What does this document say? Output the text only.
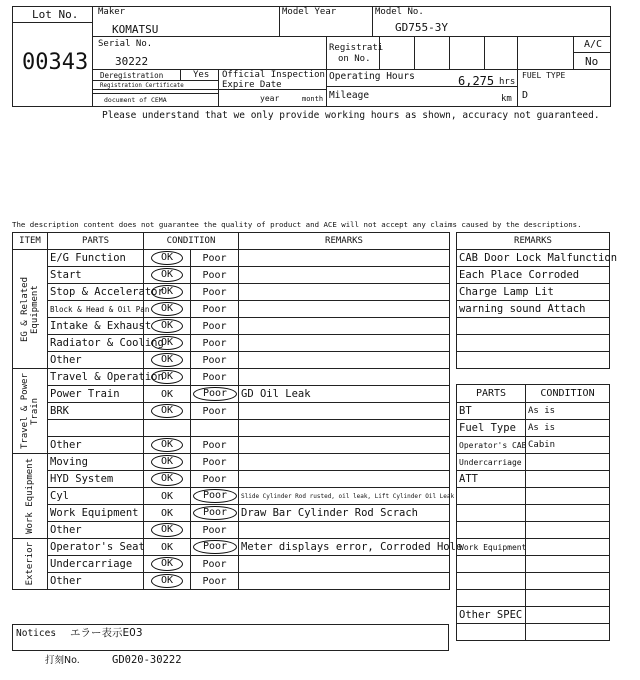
Lot No.
00343
Maker
KOMATSU
Model Year	Model No.
GD755-3Y
Serial No.
30222
Registrati
on No.
A/C
No
Deregistration	Yes
Registration Certificate
document of CEMA
Official Inspection
Expire Date
year	month
Operating Hours	6,275 hrs
Mileage	km
FUEL TYPE
D
Please understand that we only provide working hours as shown, accuracy not guaranteed.
The description content does not guarantee the quality of product and ACE will not accept any claims caused by the descriptions.
ITEM	PARTS	CONDITION		REMARKS

EG & Related Equipment	E/G Function	OK	Poor	
	Start	OK	Poor	
	Stop & Accelerator	OK	Poor	
	Block & Head & Oil Pan	OK	Poor	
	Intake & Exhaust	OK	Poor	
	Radiator & Cooling	OK	Poor	
	Other	OK	Poor	

Travel & Power Train	Travel & Operation	OK	Poor	
	Power Train	OK	Poor	GD Oil Leak
	BRK	OK	Poor	

	Other	OK	Poor	

Work Equipment	Moving	OK	Poor	
	HYD System	OK	Poor	
	Cyl	OK	Poor	Slide Cylinder Rod rusted, oil leak, Lift Cylinder Oil Leak
	Work Equipment	OK	Poor	Draw Bar Cylinder Rod Scrach
	Other	OK	Poor	

Exterior	Operator's Seat	OK	Poor	Meter displays error, Corroded Hole
	Undercarriage	OK	Poor	
	Other	OK	Poor	
REMARKS
CAB Door Lock Malfunction
Each Place Corroded
Charge Lamp Lit
warning sound Attach

PARTS	CONDITION
BT	As is
Fuel Type	As is
Operator's CAB	Cabin
Undercarriage	
ATT	

Work Equipment	

Other SPEC	

Notices エラー表示E03
打刻No.	GD020-30222
